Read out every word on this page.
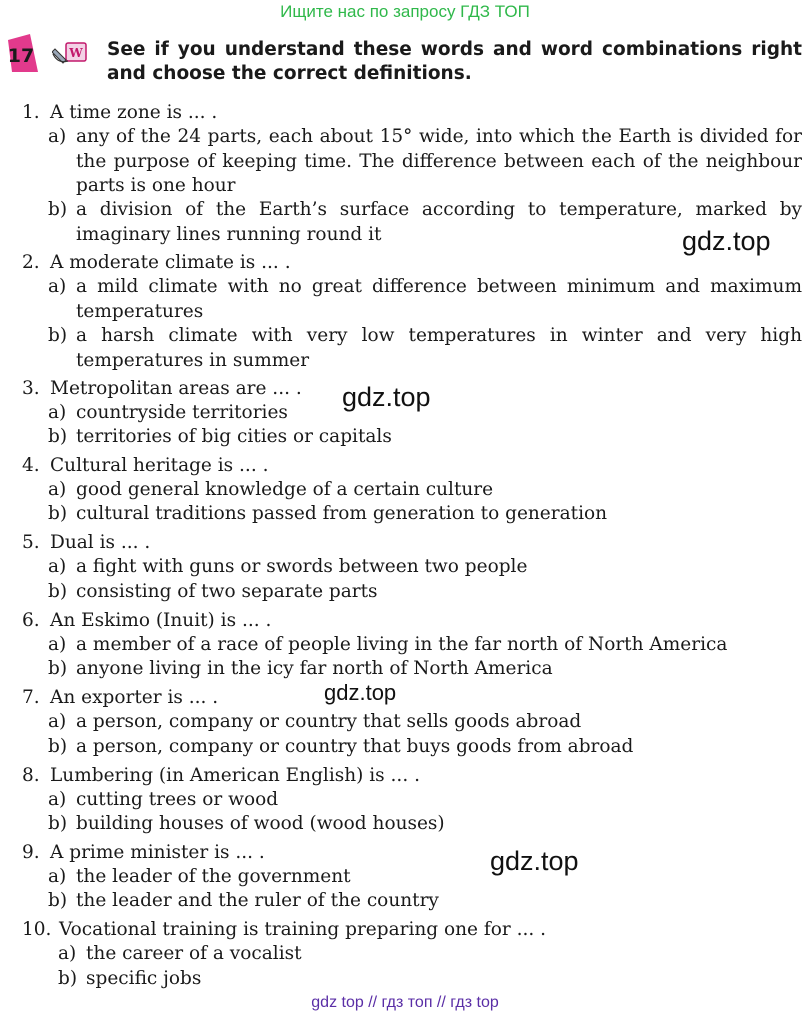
Ищите нас по запросу ГДЗ ТОП
17	W See if you understand these words and word combinations right and choose the correct definitions.
1. A time zone is ... .
a) any of the 24 parts, each about 15° wide, into which the Earth is divided for the purpose of keeping time. The difference between each of the neighbour parts is one hour
b) a division of the Earth’s surface according to temperature, marked by imaginary lines running round it
2. A moderate climate is ... .
a) a mild climate with no great difference between minimum and maximum temperatures
b) a harsh climate with very low temperatures in winter and very high temperatures in summer
3. Metropolitan areas are ... .
a) countryside territories
b) territories of big cities or capitals
4. Cultural heritage is ... .
a) good general knowledge of a certain culture
b) cultural traditions passed from generation to generation
5. Dual is ... .
a) a fight with guns or swords between two people
b) consisting of two separate parts
6. An Eskimo (Inuit) is ... .
a) a member of a race of people living in the far north of North America
b) anyone living in the icy far north of North America
7. An exporter is ... .
a) a person, company or country that sells goods abroad
b) a person, company or country that buys goods from abroad
8. Lumbering (in American English) is ... .
a) cutting trees or wood
b) building houses of wood (wood houses)
9. A prime minister is ... .
a) the leader of the government
b) the leader and the ruler of the country
10. Vocational training is training preparing one for ... .
a) the career of a vocalist
b) specific jobs
gdz.top
gdz.top
gdz.top
gdz.top
gdz top // гдз топ // гдз top
